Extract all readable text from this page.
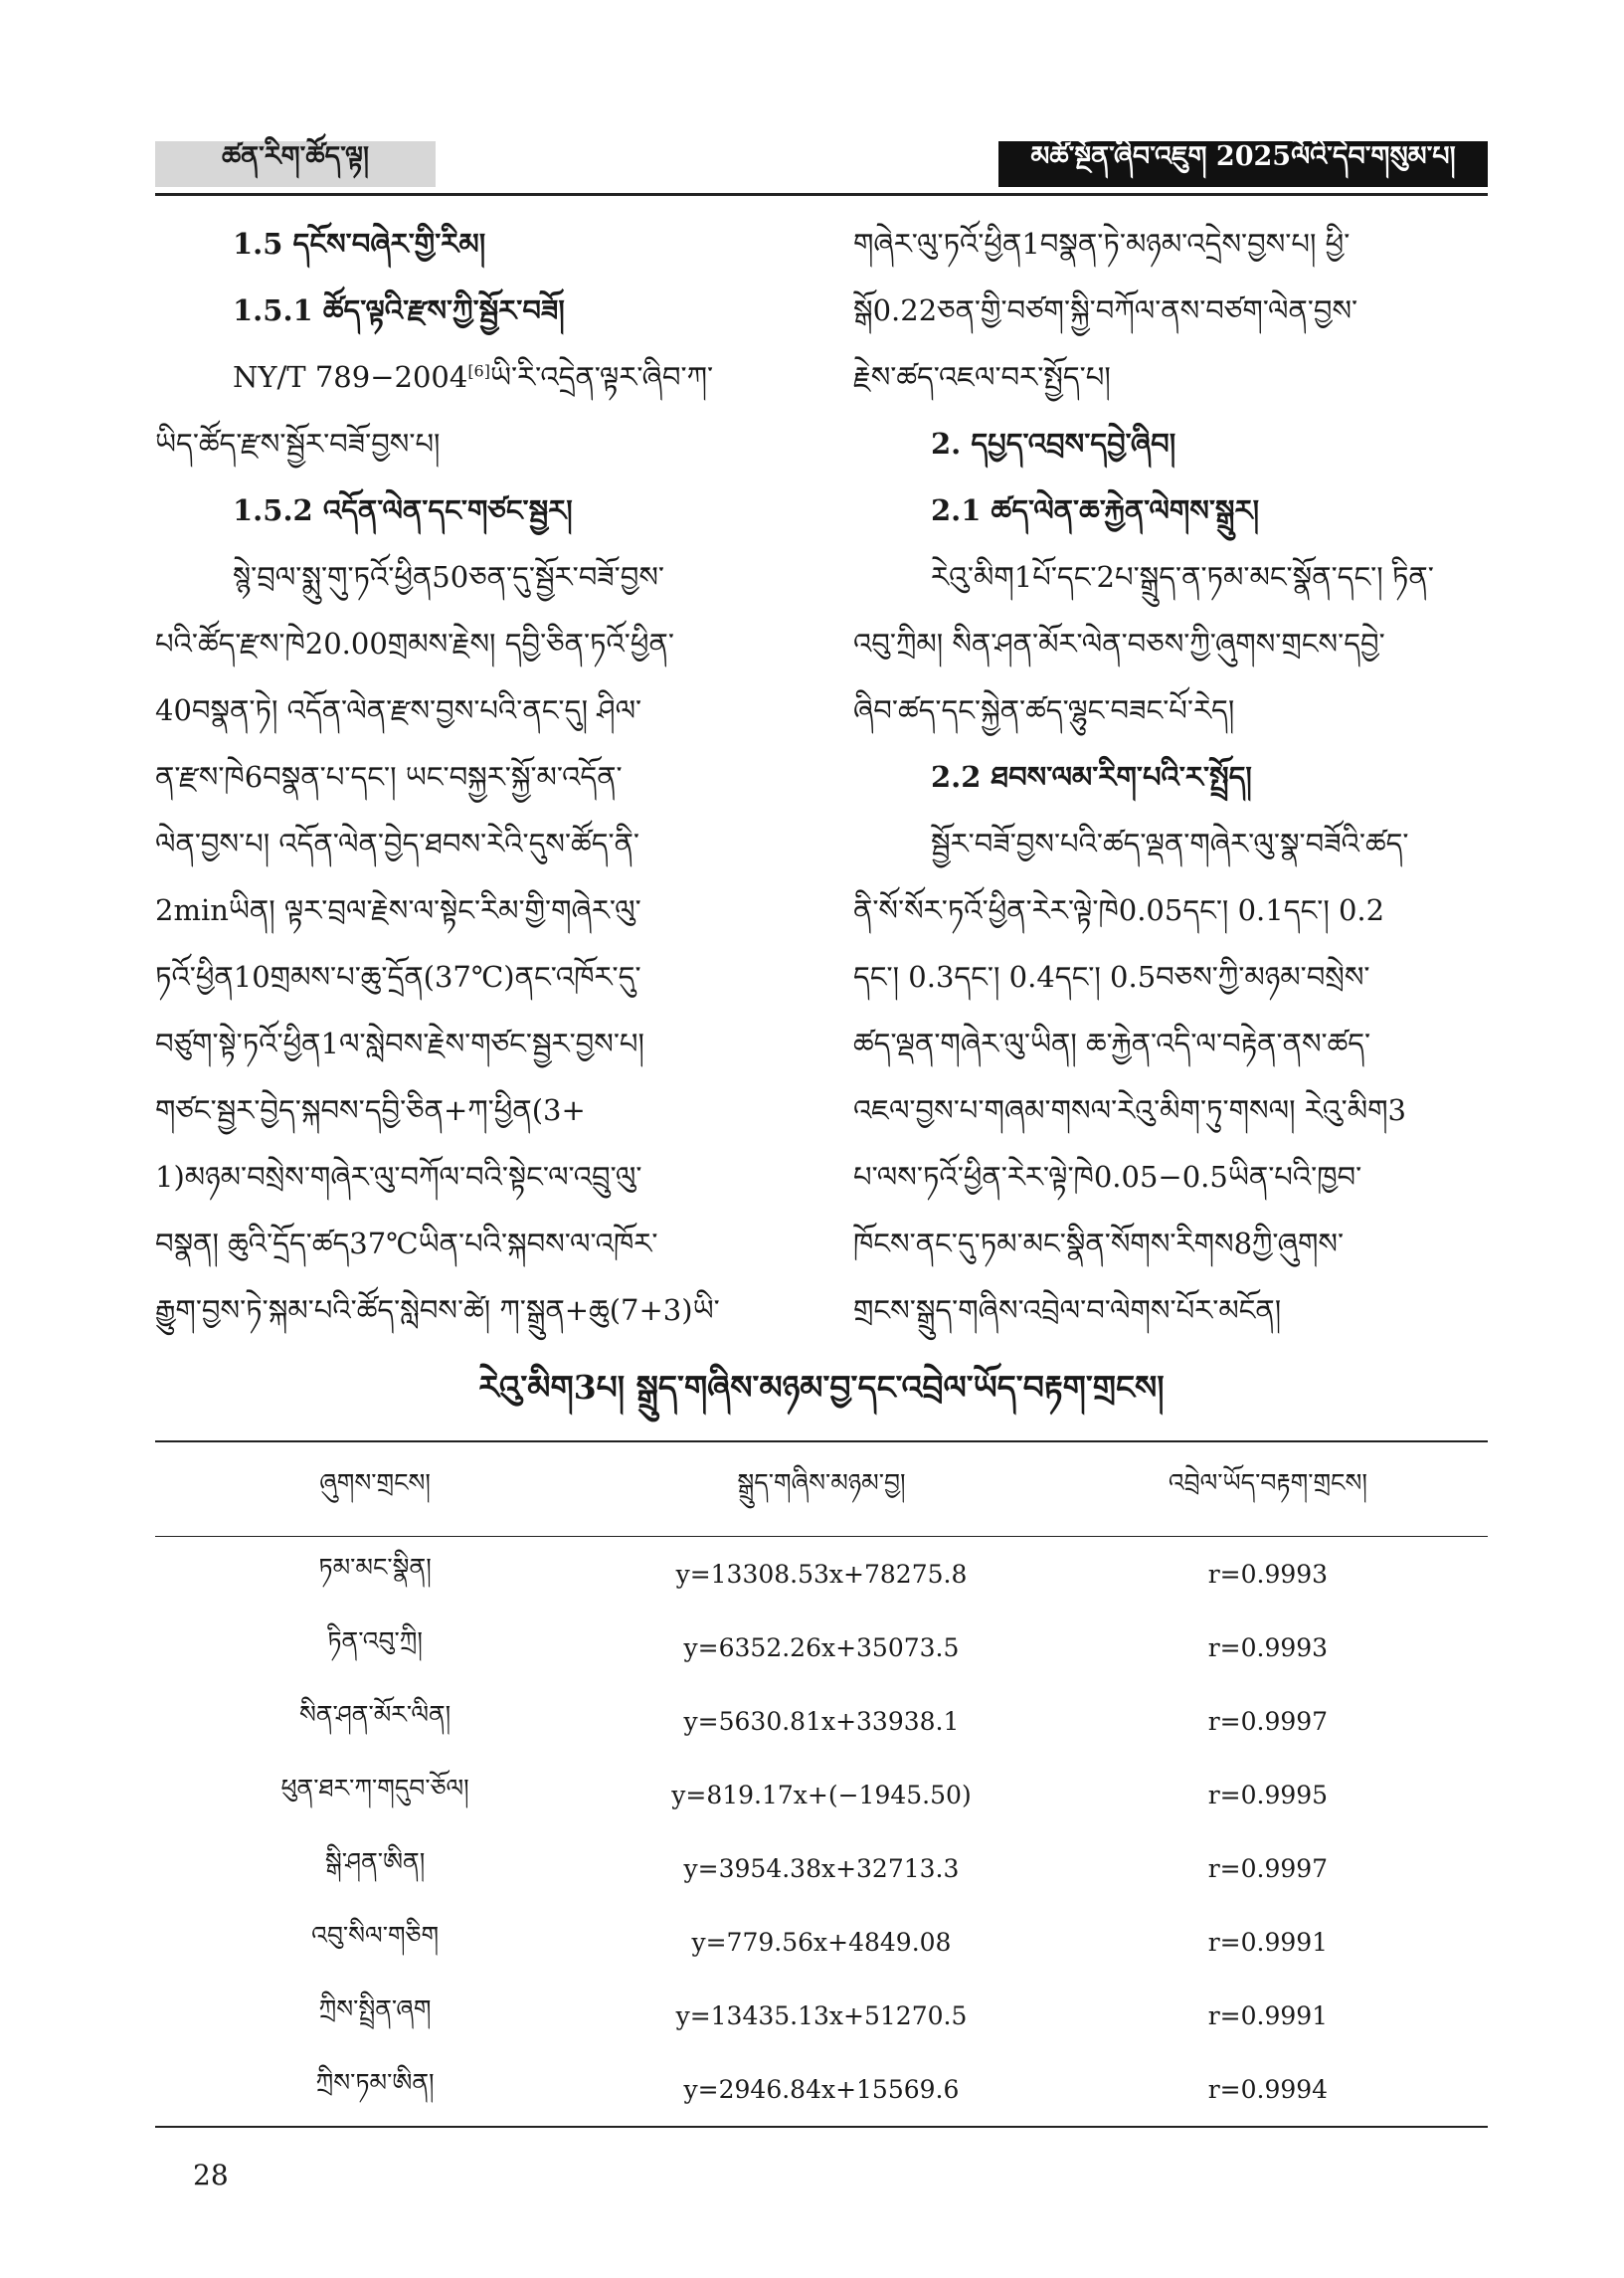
ཚན་རིག་ཚོད་ལྟ།	མཚོ་སྔོན་ཞིབ་འཇུག 2025ལོའི་དེབ་གསུམ་པ།

1.5 དངོས་བཞེར་གྱི་རིམ།

1.5.1 ཚོད་ལྟའི་རྫས་ཀྱི་སྦྱོར་བཟོ།

NY/T 789−2004[6]ཡི་རི་འདྲེན་ལྟར་ཞིབ་ཀ་

ཡིད་ཚོད་རྫས་སྦྱོར་བཟོ་བྱས་པ།

1.5.2 འདོན་ལེན་དང་གཙང་སྦྱར།

སྙེ་བྲལ་སྨུ་གུ་ཏའོ་ཕྱིན50ཅན་དུ་སྦྱོར་བཟོ་བྱས་

པའི་ཚོད་རྫས་ཁེ20.00གྲམས་རྗེས། དབྱི་ཅིན་ཏའོ་ཕྱིན་

40བསྣན་ཏེ། འདོན་ལེན་རྫས་བྱས་པའི་ནང་དུ། ཤིལ་

ན་རྫས་ཁེ6བསྣན་པ་དང་། ཡང་བསྐྱར་སྐྱོ་མ་འདོན་

ལེན་བྱས་པ། འདོན་ལེན་བྱེད་ཐབས་རེའི་དུས་ཚོད་ནི་

2minཡིན། ལྟར་བྲལ་རྗེས་ལ་སྟེང་རིམ་གྱི་གཞེར་ལུ་

ཏའོ་ཕྱིན10གྲམས་པ་ཆུ་དྲོན(37℃)ནང་འཁོར་དུ་

བཙུག་སྟེ་ཏའོ་ཕྱིན1ལ་སླེབས་རྗེས་གཙང་སྦྱར་བྱས་པ།

གཙང་སྦྱར་བྱེད་སྐབས་དབྱི་ཅིན+ཀ་ཕྱིན(3+

1)མཉམ་བསྲེས་གཞེར་ལུ་བཀོལ་བའི་སྟེང་ལ་འབྲུ་ལུ་

བསྣན། ཆུའི་དྲོད་ཚད37℃ཡིན་པའི་སྐབས་ལ་འཁོར་

རྒྱུག་བྱས་ཏེ་སྐམ་པའི་ཚོད་སླེབས་ཚེ། ཀ་སྒྲུན+ཆུ(7+3)ཡི་

གཞེར་ལུ་ཏའོ་ཕྱིན1བསྣན་ཏེ་མཉམ་འདྲེས་བྱས་པ། ཕྱི་

སྒོ0.22ཅན་གྱི་བཙག་སྐྱི་བཀོལ་ནས་བཙག་ལེན་བྱས་

རྗེས་ཚད་འཇལ་བར་སྤྱོད་པ།

2. དཔྱད་འབྲས་དབྱེ་ཞིབ།

2.1 ཚད་ལེན་ཆ་རྐྱེན་ལེགས་སྒྲུར།

རེའུ་མིག1པོ་དང་2པ་སྒྲུད་ན་ཏམ་མང་སྣོན་དང་། ཏིན་

འབུ་ཀྲིམ། སིན་ཤན་མོར་ལེན་བཅས་ཀྱི་ཞུགས་གྲངས་དབྱེ་

ཞིབ་ཚད་དང་སྐྱེན་ཚད་ལྷུང་བཟང་པོ་རེད།

2.2 ཐབས་ལམ་རིག་པའི་ར་སྤྲོད།

སྦྱོར་བཟོ་བྱས་པའི་ཚད་ལྡན་གཞེར་ལུ་སྣ་བཟོའི་ཚད་

ནི་སོ་སོར་ཏའོ་ཕྱིན་རེར་ལྟེ་ཁེ0.05དང་། 0.1དང་། 0.2

དང་། 0.3དང་། 0.4དང་། 0.5བཅས་ཀྱི་མཉམ་བསྲེས་

ཚད་ལྡན་གཞེར་ལུ་ཡིན། ཆ་རྐྱེན་འདི་ལ་བརྟེན་ནས་ཚད་

འཇལ་བྱས་པ་གཞམ་གསལ་རེའུ་མིག་ཏུ་གསལ། རེའུ་མིག3

པ་ལས་ཏའོ་ཕྱིན་རེར་ལྟེ་ཁེ0.05−0.5ཡིན་པའི་ཁྱབ་

ཁོངས་ནང་དུ་ཏམ་མང་སྣིན་སོགས་རིགས8ཀྱི་ཞུགས་

གྲངས་སྒྲུད་གཞིས་འབྲེལ་བ་ལེགས་པོར་མངོན།

རེའུ་མིག3པ། སྒྲུད་གཞིས་མཉམ་བྱ་དང་འབྲེལ་ཡོད་བརྟག་གྲངས།
ཞུགས་གྲངས།	སྒྲུད་གཞིས་མཉམ་བྱ།	འབྲེལ་ཡོད་བརྟག་གྲངས།
ཏམ་མང་སྣིན།	y=13308.53x+78275.8	r=0.9993
ཏིན་འབུ་ཀྲི།	y=6352.26x+35073.5	r=0.9993
སིན་ཤན་མོར་ལིན།	y=5630.81x+33938.1	r=0.9997
ཕུན་ཐར་ཀ་གདུབ་ཅོལ།	y=819.17x+(−1945.50)	r=0.9995
སྒི་ཤན་ཨིན།	y=3954.38x+32713.3	r=0.9997
འབུ་སིལ་གཅིག	y=779.56x+4849.08	r=0.9991
ཀྲིས་སྤྲིན་ཞག	y=13435.13x+51270.5	r=0.9991
ཀྲིས་ཏམ་ཨིན།	y=2946.84x+15569.6	r=0.9994
28
